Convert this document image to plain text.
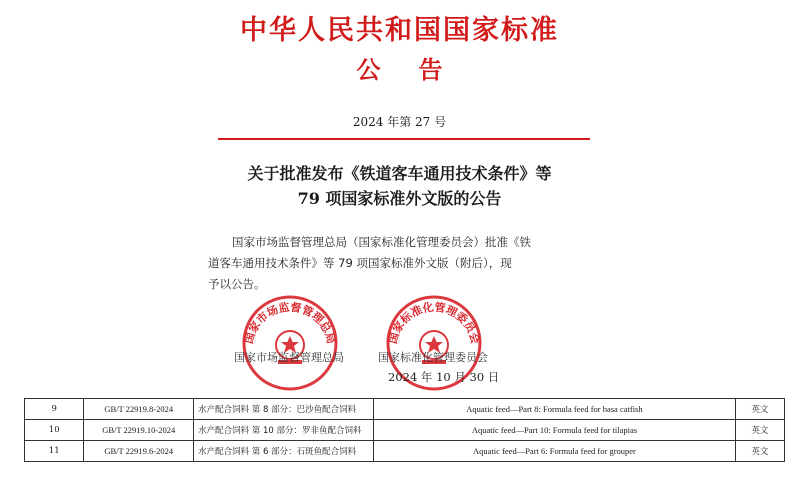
中华人民共和国国家标准
公告
2024 年第 27 号
关于批准发布《铁道客车通用技术条件》等
79 项国家标准外文版的公告

国家市场监督管理总局（国家标准化管理委员会）批准《铁

道客车通用技术条件》等 79 项国家标准外文版（附后），现

予以公告。

国家市场监督管理总局	国家标准化管理委员会
国家市场监督管理总局	国家标准化管理委员会
2024 年 10 月 30 日
9	GB/T 22919.8-2024	水产配合饲料 第 8 部分：巴沙鱼配合饲料	Aquatic feed—Part 8: Formula feed for basa catfish	英文
10	GB/T 22919.10-2024	水产配合饲料 第 10 部分：罗非鱼配合饲料	Aquatic feed—Part 10: Formula feed for tilapias	英文
11	GB/T 22919.6-2024	水产配合饲料 第 6 部分：石斑鱼配合饲料	Aquatic feed—Part 6: Formula feed for grouper	英文
